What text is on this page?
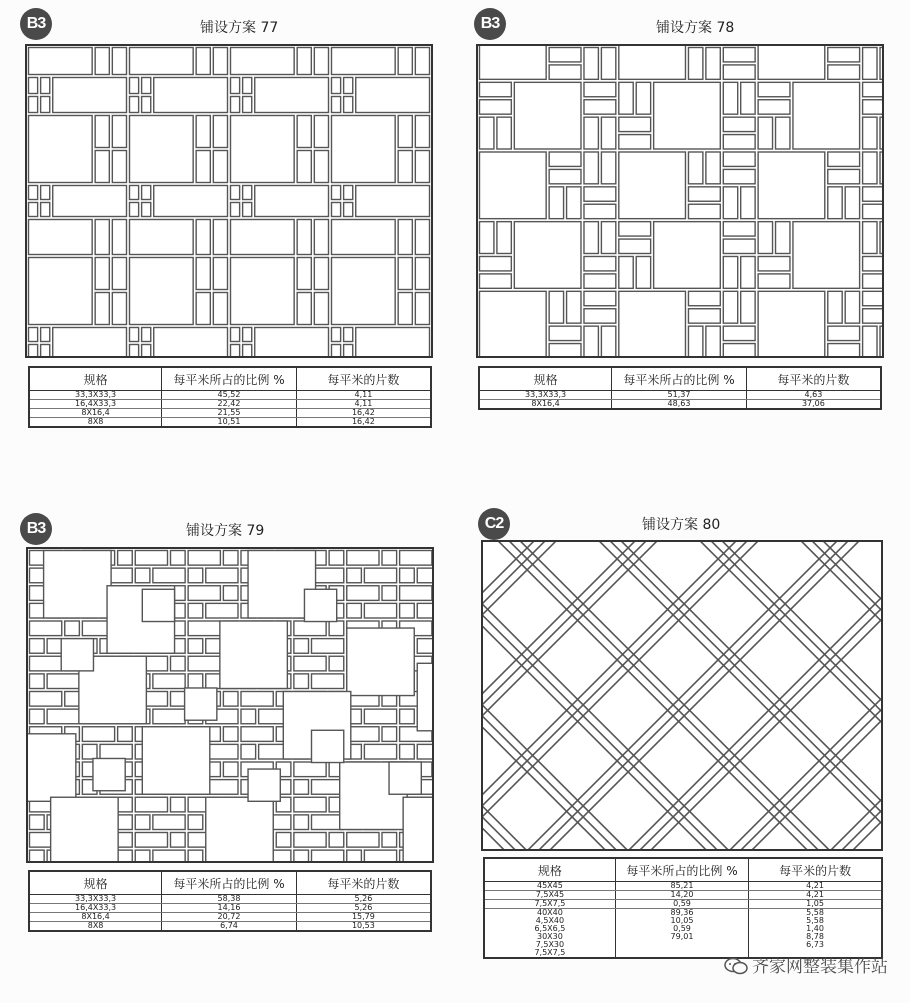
B3	铺设方案 77
规格	每平米所占的比例 %	每平米的片数
33,3X33,3	45,52	4,11
16,4X33,3	22,42	4,11
8X16,4	21,55	16,42
8X8	10,51	16,42
B3	铺设方案 78
规格	每平米所占的比例 %	每平米的片数
33,3X33,3	51,37	4,63
8X16,4	48,63	37,06
B3	铺设方案 79
规格	每平米所占的比例 %	每平米的片数
33,3X33,3	58,38	5,26
16,4X33,3	14,16	5,26
8X16,4	20,72	15,79
8X8	6,74	10,53
C2	铺设方案 80
规格	每平米所占的比例 %	每平米的片数
45X45	85,21	4,21
7,5X45	14,20	4,21
7,5X7,5	0,59	1,05
40X40	89,36	5,58
4,5X40	10,05	5,58
6,5X6,5	0,59	1,40
30X30	79,01	8,78
7,5X30		6,73
7,5X7,5		
齐家网整装集作站
